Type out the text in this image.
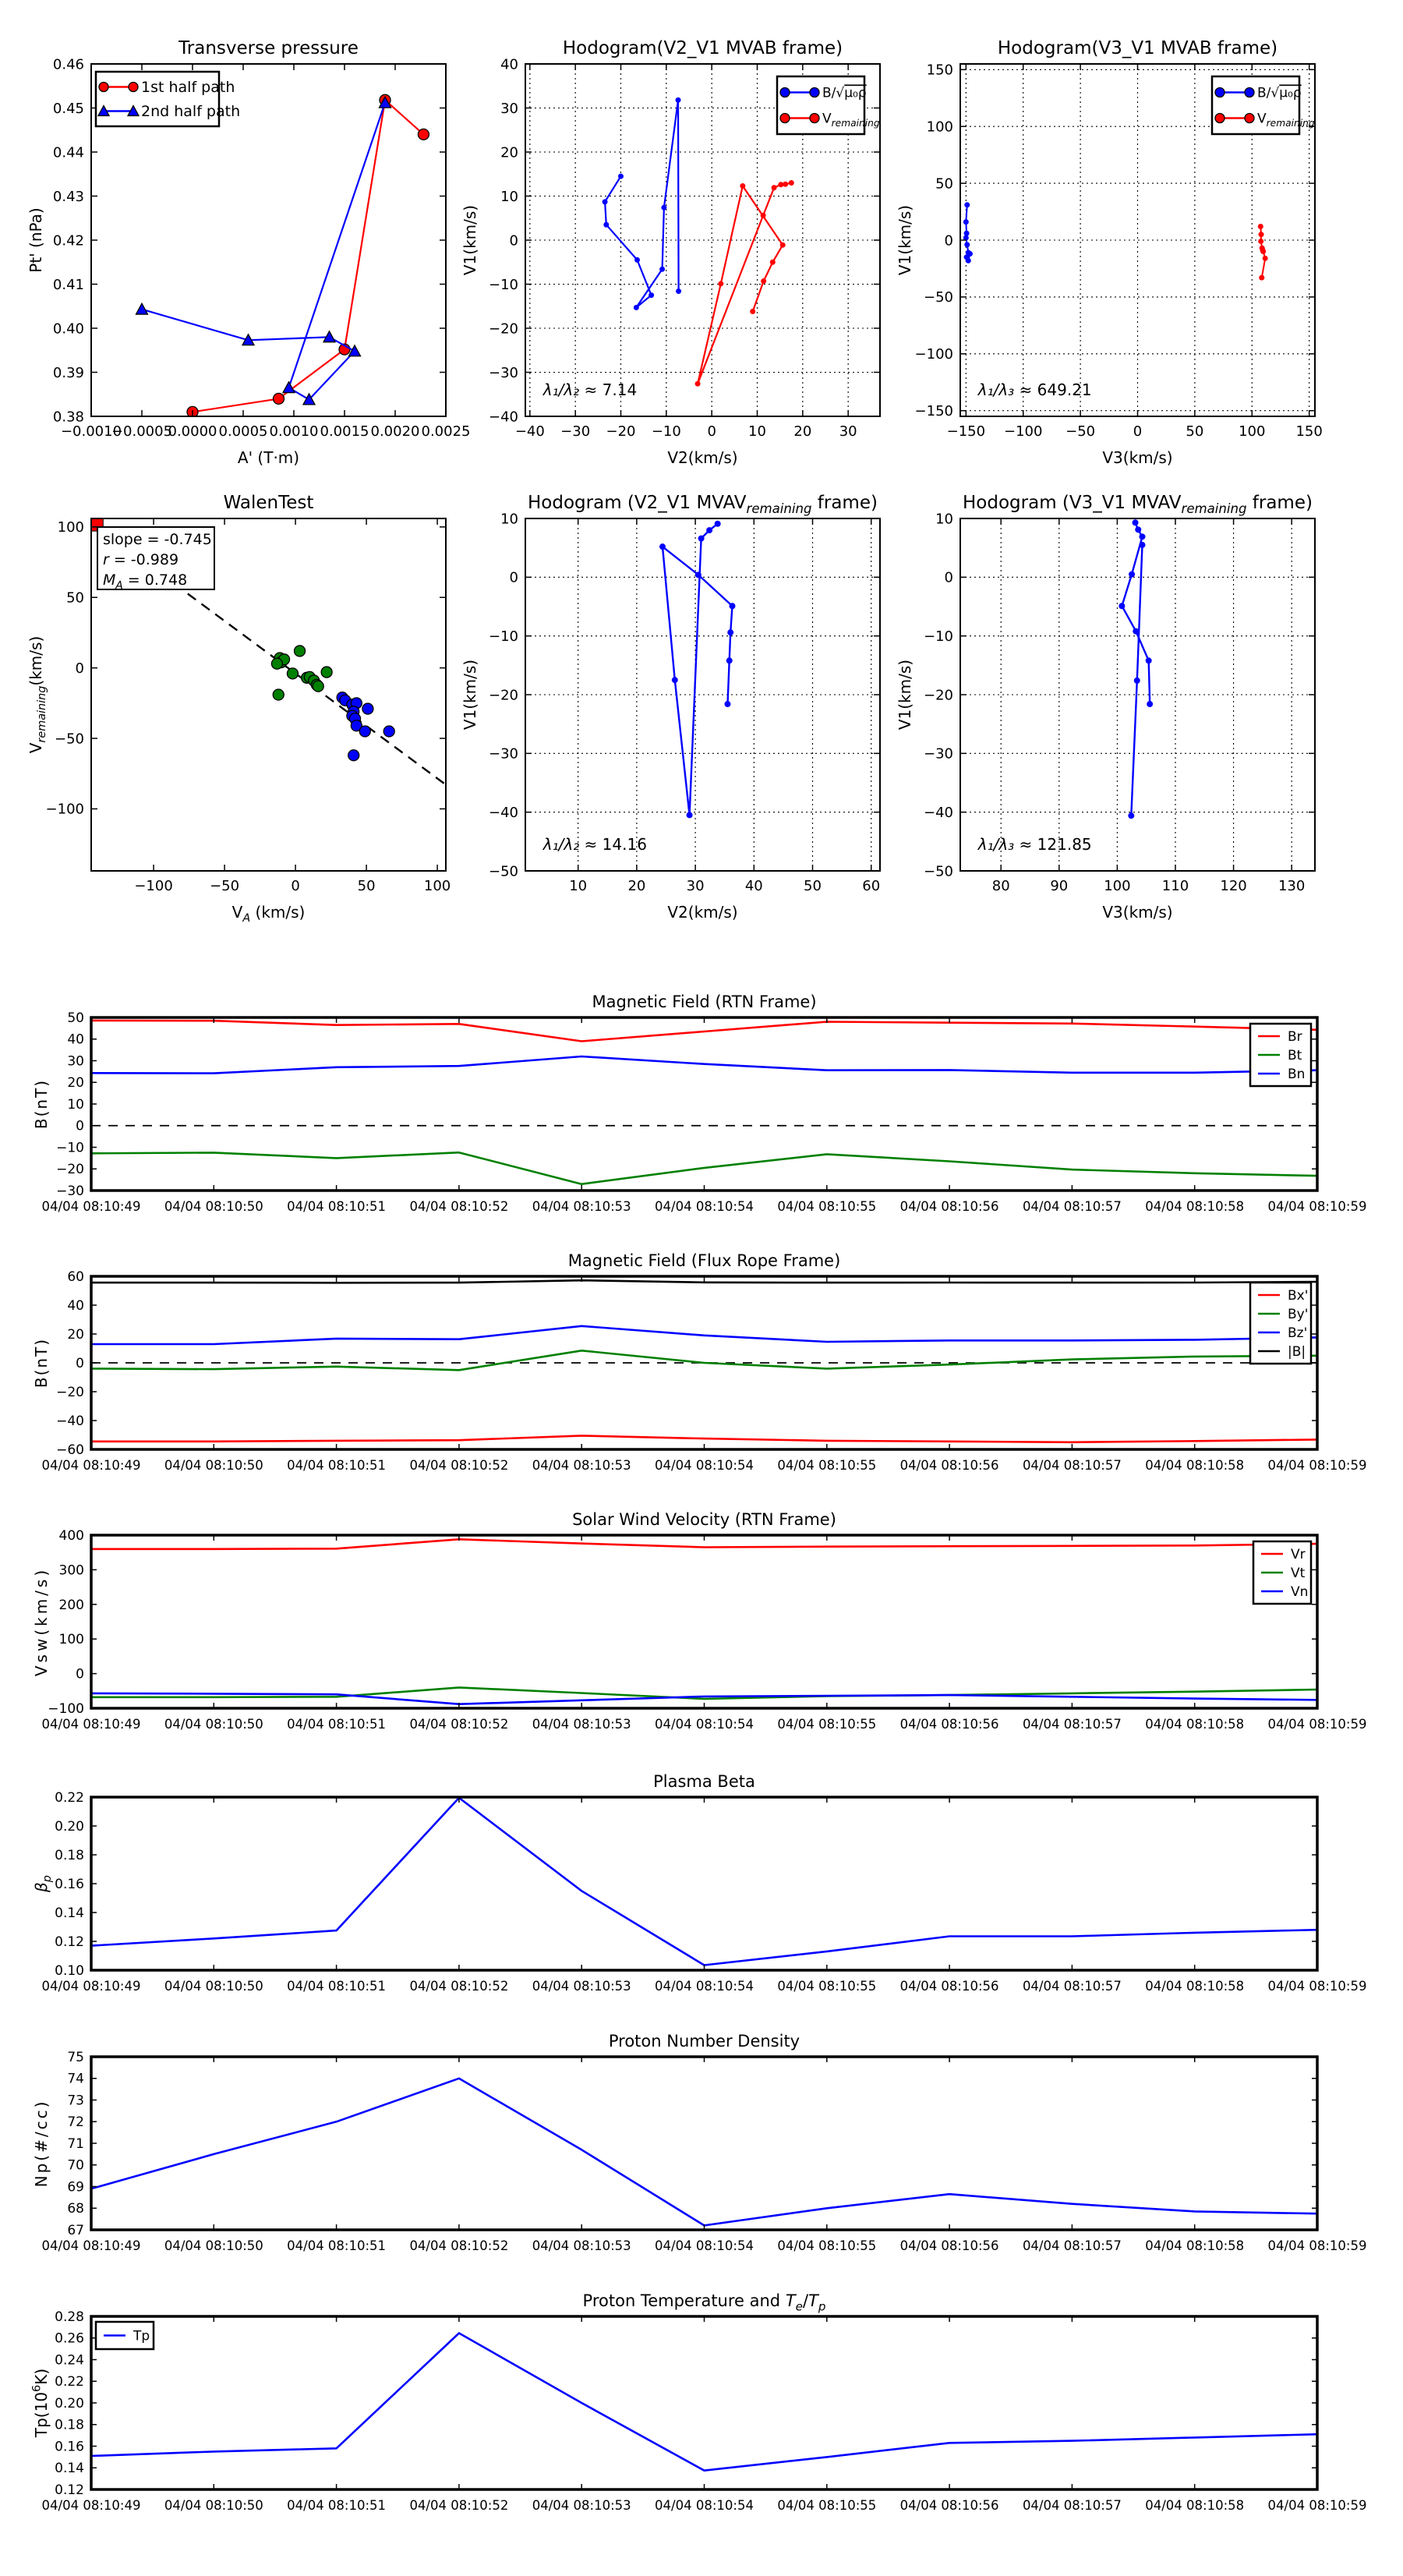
−0.0010
−0.0005
0.0000 0.0005 0.0010 0.0015 0.0020 0.0025
0.38
0.39
0.40
0.41
0.42
0.43
0.44
0.45
0.46
Transverse pressure
A' (T·m)
Pt' (nPa)
1st half path
2nd half path
−40 −30 −20 −10 0 10 20 30
−40
−30
−20
−10
0
10
20
30
40
Hodogram(V2_V1 MVAB frame)
V2(km/s)
V1(km/s)
λ₁/λ₂ ≈ 7.14
B/√μ₀ρ
$V_{remaining}$
−150 −100 −50	0	50 100 150
−150
−100
−50
0
50
100
150
Hodogram(V3_V1 MVAB frame)
V3(km/s)
V1(km/s)
λ₁/λ₃ ≈ 649.21
B/√μ₀ρ
$V_{remaining}$
−100	−50	0	50	100
−100
−50
0
50
100
WalenTest
$V_A$ (km/s)
$V_{remaining}(km/s)$
slope = -0.745
r = -0.989
$M_A = 0.748$
10	20	30	40	50	60
−50
−40
−30
−20
−10
0
10
Hodogram (V2_V1 $MVAV_{remaining}$ frame)
V2(km/s)
V1(km/s)
λ₁/λ₂ ≈ 14.16
80	90	100 110 120 130
−50
−40
−30
−20
−10
0
10
Hodogram (V3_V1 $MVAV_{remaining}$ frame)
V3(km/s)
V1(km/s)
λ₁/λ₃ ≈ 121.85
04/04 08:10:49 04/04 08:10:50 04/04 08:10:51 04/04 08:10:52 04/04 08:10:53 04/04 08:10:54 04/04 08:10:55 04/04 08:10:56 04/04 08:10:57 04/04 08:10:58 04/04 08:10:59
−30
−20
−10
0
10
20
30
40
50
Magnetic Field (RTN Frame)
B(nT)
Br
Bt
Bn
04/04 08:10:49 04/04 08:10:50 04/04 08:10:51 04/04 08:10:52 04/04 08:10:53 04/04 08:10:54 04/04 08:10:55 04/04 08:10:56 04/04 08:10:57 04/04 08:10:58 04/04 08:10:59
−60
−40
−20
0
20
40
60
Magnetic Field (Flux Rope Frame)
B(nT)
Bx'
By'
Bz'
|B|
04/04 08:10:49 04/04 08:10:50 04/04 08:10:51 04/04 08:10:52 04/04 08:10:53 04/04 08:10:54 04/04 08:10:55 04/04 08:10:56 04/04 08:10:57 04/04 08:10:58 04/04 08:10:59
−100
0
100
200
300
400
Solar Wind Velocity (RTN Frame)
Vsw(km/s)
Vr
Vt
Vn
04/04 08:10:49 04/04 08:10:50 04/04 08:10:51 04/04 08:10:52 04/04 08:10:53 04/04 08:10:54 04/04 08:10:55 04/04 08:10:56 04/04 08:10:57 04/04 08:10:58 04/04 08:10:59
0.10
0.12
0.14
0.16
0.18
0.20
0.22
Plasma Beta
$\beta_p$
04/04 08:10:49 04/04 08:10:50 04/04 08:10:51 04/04 08:10:52 04/04 08:10:53 04/04 08:10:54 04/04 08:10:55 04/04 08:10:56 04/04 08:10:57 04/04 08:10:58 04/04 08:10:59
67
68
69
70
71
72
73
74
75
Proton Number Density
Np(#/cc)
04/04 08:10:49 04/04 08:10:50 04/04 08:10:51 04/04 08:10:52 04/04 08:10:53 04/04 08:10:54 04/04 08:10:55 04/04 08:10:56 04/04 08:10:57 04/04 08:10:58 04/04 08:10:59
0.12
0.14
0.16
0.18
0.20
0.22
0.24
0.26
0.28
Proton Temperature and $T_e/T_p$
$Tp(10^6K)$
Tp
